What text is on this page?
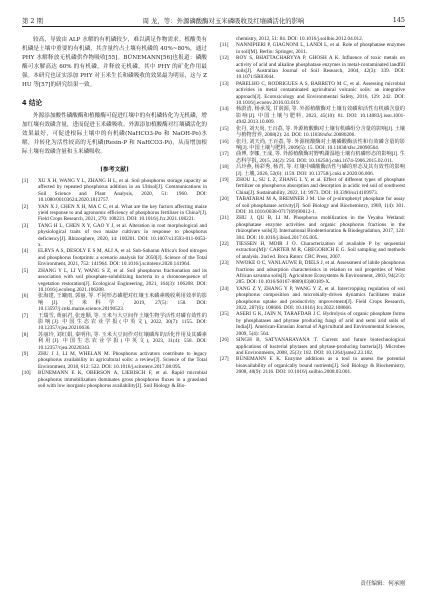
第 2 期	周 龙，等：外源磷酸酶对玉米磷吸收及红壤磷活化的影响	145

较高，导致由 ALP 水解的有机磷较少，难以满足作物需求。植酸类有机磷是土壤中重要的有机磷，其含量约占土壤有机磷的 40%~80%，通过 PHY 水解释放无机磷供作物吸收[55]。BÜNEMANN[56]也报道：磷酸酶可水解高达 60% 的有机磷，并释放无机磷，其中 PHY 的矿化作用最强。本研究也证实添加 PHY 对玉米生长和磷吸收的效果最为明显，这与 ZHU 等[57]的研究结果一致。

4 结论

外源添加酸性磷酸酶和植酸酶可促进红壤中的有机磷转化为无机磷，增加红壤有效磷含量，进而促进玉米磷吸收。外源添加植酸酶对红壤磷活化的效果最好，可促进根际土壤中的有机磷(NaHCO3-Po 和 NaOH-Po)水解，并转化为活性较高的无机磷(Resin-P 和 NaHCO3-Pi)，从而增加根际土壤有效磷含量和玉米磷吸收。

[参考文献]
[1] XU X H, WANG Y L, ZHANG H L, et al. Soil phosphorus storage capacity as affected by repeated phosphorus addition in an Ultisol[J]. Communications in Soil Science and Plant Analysis, 2020, 51: 1960. DOI: 10.1080/00103624.2020.1813757.
[2] YAN X J, CHEN X H, MA C C, et al. What are the key factors affecting maize yield response to and agronomic efficiency of phosphorus fertilizer in China?[J]. Field Crops Research, 2021, 270: 108221. DOI: 10.1016/j.fcr.2021.108221.
[3] TANG H L, CHEN X Y, GAO Y J, et al. Alteration in root morphological and physiological traits of two maize cultivars in response to phosphorus deficiency[J]. Rhizosphere, 2020, 14: 100201. DOI: 10.1007/s13593-011-0053-x.
[4] ELRYS A S, DESOLY E S M, ALI A, et al. Sub-Saharan Africa's food nitrogen and phosphorus footprints: a scenario analysis for 2050[J]. Science of the Total Environment, 2021, 752: 141964. DOI: 10.1016/j.scitotenv.2020.141964.
[5] ZHANG Y L, LI Y, WANG S Z, et al. Soil phosphorus fractionation and its association with soil phosphate-solubilizing bacteria in a chronosequence of vegetation restoration[J]. Ecological Engineering, 2021, 164(3): 106208. DOI: 10.1016/j.ecoleng.2021.106208.
[6] 张海建, 王曦雨, 郭丽, 等. 不同形态磷肥对红壤玉米磷素吸收利用效率的影响[J]. 玉米科学, 2019, 27(5): 158. DOI: 10.13597/j.cnki.maize.science.20190523.
[7] 王瑞雪, 黄丽君, 张连顺, 等. 玉米与大豆间作土壤生物学活性对磷有效性的影响[J]. 中国生态农业学报(中英文), 2022, 30(7): 1155. DOI: 10.12357/cjea.20210636.
[8] 苏丽玲, 刘红娟, 秦明伟, 等. 玉米大豆间作对红壤磷库的活化作用及其磷素利用[J]. 中国生态农业学报(中英文), 2023, 31(4): 558. DOI: 10.12357/cjea.20220343.
[9] ZHU J J, LI M, WHELAN M. Phosphorus activators contribute to legacy phosphorus availability in agricultural soils: a review[J]. Science of the Total Environment, 2018, 612: 522. DOI: 10.1016/j.scitotenv.2017.08.095.
[10] BÜNEMANN E K, OBERSON A, LIEBISCH F, et al. Rapid microbial phosphorus immobilization dominates gross phosphorus fluxes in a grassland soil with low inorganic phosphorus availability[J]. Soil Biology & Bio-
chemistry, 2012, 51: 84. DOI: 10.1016/j.soilbio.2012.04.012.
[11] NANNIPIERI P, GIAGNONI L, LANDI L, et al. Role of phosphatase enzymes in soil[M]. Berlin: Springer, 2011.
[12] ROY S, BHATTACHARYYA P, GHOSH A K. Influence of toxic metals on activity of acid and alkaline phosphatase enzymes in metal-contaminated landfill soils[J]. Australian Journal of Soil Research, 2004, 42(3): 339. DOI: 10.1071/SR03044.
[13] PARELHO C, RODRIGUES A S, BARRETO M C, et al. Assessing microbial activities in metal contaminated agricultural volcanic soils: an integrative approach[J]. Ecotoxicology and Environmental Safety, 2016, 129: 242. DOI: 10.1016/j.ecoenv.2016.03.019.
[14] 杨蔚清, 杨承茂, 甘润源, 等. 外源植酸酶对土壤有效磷和活性有机磷含量的影响[J]. 中国土壤与肥料, 2023, 45(10): 81. DOI: 10.14083/j.issn.1001-4942.2013.10.009.
[15] 张丹, 刘天尚, 王百荔, 等. 外源植酸酶对土壤有机磷组分含量的影响[J]. 土壤与植物营养, 2008(2): 24. DOI: 10.11838/sfsc.20080206.
[16] 张丹, 刘天尚, 王百荔, 等. 外源植酸酶对土壤磷酸酶活性和有效磷含量的影响[J]. 中国土壤与肥料, 2009(5): 15. DOI: 10.11838/sfsc.20090504.
[17] 曲博, 李娜, 王成, 等. 外源植酸酶对野鸭湖湿地土壤有机磷形态的影响[J]. 生态科学报, 2015, 24(2): 250. DOI: 10.16258/j.cnki.1674-5906.2015.02.011.
[18] 吕玲燕, 杨彩秀, 杨青, 等. 红壤中磷酸酶活性与磷的形态及其有效性的影响[J]. 土壤, 2020, 52(6): 1159. DOI: 10.13758/j.cnki.tr.2020.06.006.
[19] ZHOU L, SU L Z, ZHANG L Y, et al. Effect of different types of phosphate fertilizer on phosphorus absorption and desorption in acidic red soil of southwest China[J]. Sustainability, 2022, 14: 9973. DOI: 10.3390/su14169973.
[20] TABATABAI M A, BREMNER J M. Use of p-nitrophenyl phosphate for assay of soil phosphatase activity[J]. Soil Biology and Biochemistry, 1969, 1(4): 301. DOI: 10.1016/0038-0717(69)90012-1.
[21] ZHU J, QU B, LI M. Phosphorus mobilization in the Yeyahu Wetland: phosphatase enzyme activities and organic phosphorus fractions in the rhizosphere soils[J]. International Biodeterioration & Biodegradation, 2017, 124: 304. DOI: 10.1016/j.ibiod.2017.05.005.
[22] TIESSEN H, MOIR J O. Characterization of available P by sequential extraction[M]// CARTER M R, GREGORICH E G. Soil sampling and methods of analysis. 2nd ed. Boca Raton: CRC Press, 2007.
[23] NWOKE O C, VANLAUWE B, DIELS J, et al. Assessment of labile phosphorus fractions and adsorption characteristics in relation to soil properties of West African savanna soils[J]. Agriculture Ecosystems & Environment, 2003, 94(2/3): 285. DOI: 10.1016/S0167-8809(03)00189-X.
[24] YANG Z Y, ZHANG Y P, WANG Y Z, et al. Intercropping regulation of soil phosphorus composition and microbially-driven dynamics facilitates maize phosphorus uptake and productivity improvement[J]. Field Crops Research, 2022, 287(6): 108666. DOI: 10.1016/j.fcr.2022.108666.
[25] ASERI G K, JAIN N, TARAFDAR J C. Hydrolysis of organic phosphate forms by phosphatases and phytase producing fungi of arid and semi arid soils of India[J]. American-Eurasian Journal of Agricultural and Environmental Sciences, 2009, 5(4): 564.
[26] SINGH B, SATYANARAYANA T. Current and future biotechnological applications of bacterial phytases and phytase-producing bacteria[J]. Microbes and Environments, 2008, 25(3): 182. DOI: 10.1264/jsme2.23.182.
[27] BÜNEMANN E K. Enzyme additions as a tool to assess the potential bioavailability of organically bound nutrients[J]. Soil Biology & Biochemistry, 2008, 40(9): 2116. DOI: 10.1016/j.soilbio.2008.03.001.
责任编辑：何承刚
